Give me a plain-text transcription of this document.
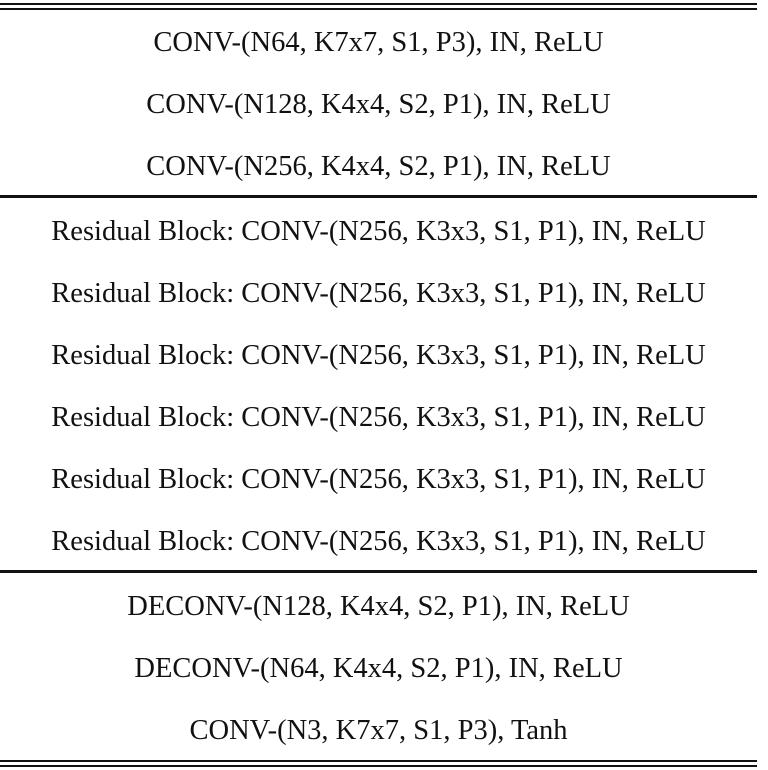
CONV-(N64, K7x7, S1, P3), IN, ReLU
CONV-(N128, K4x4, S2, P1), IN, ReLU
CONV-(N256, K4x4, S2, P1), IN, ReLU
Residual Block: CONV-(N256, K3x3, S1, P1), IN, ReLU
Residual Block: CONV-(N256, K3x3, S1, P1), IN, ReLU
Residual Block: CONV-(N256, K3x3, S1, P1), IN, ReLU
Residual Block: CONV-(N256, K3x3, S1, P1), IN, ReLU
Residual Block: CONV-(N256, K3x3, S1, P1), IN, ReLU
Residual Block: CONV-(N256, K3x3, S1, P1), IN, ReLU
DECONV-(N128, K4x4, S2, P1), IN, ReLU
DECONV-(N64, K4x4, S2, P1), IN, ReLU
CONV-(N3, K7x7, S1, P3), Tanh
